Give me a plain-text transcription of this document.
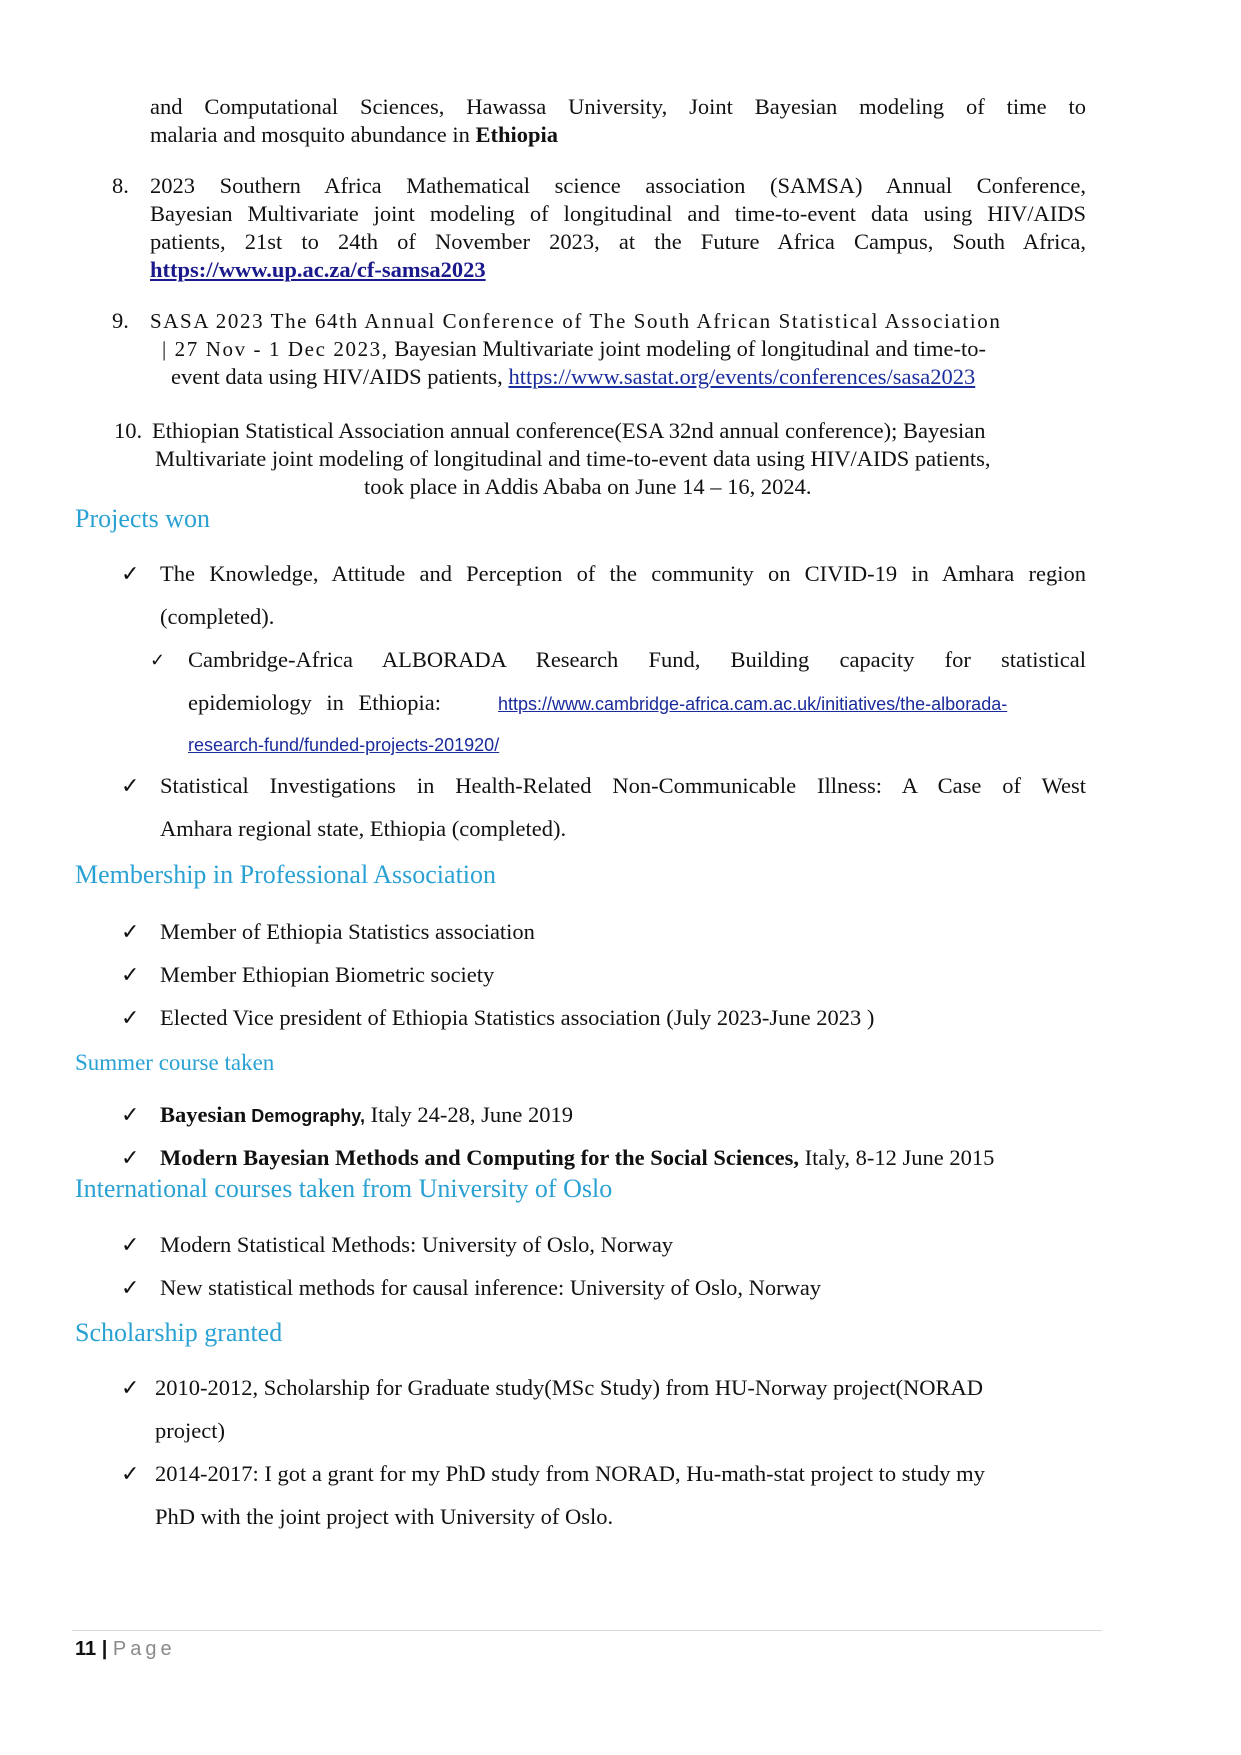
and Computational Sciences, Hawassa University, Joint Bayesian modeling of time to
malaria and mosquito abundance in Ethiopia
8. 2023 Southern Africa Mathematical science association (SAMSA) Annual Conference,
Bayesian Multivariate joint modeling of longitudinal and time-to-event data using HIV/AIDS
patients, 21st to 24th of November 2023, at the Future Africa Campus, South Africa,
https://www.up.ac.za/cf-samsa2023
9. SASA 2023 The 64th Annual Conference of The South African Statistical Association
| 27 Nov - 1 Dec 2023, Bayesian Multivariate joint modeling of longitudinal and time-to-
event data using HIV/AIDS patients, https://www.sastat.org/events/conferences/sasa2023
10. Ethiopian Statistical Association annual conference(ESA 32nd annual conference); Bayesian
Multivariate joint modeling of longitudinal and time-to-event data using HIV/AIDS patients,
took place in Addis Ababa on June 14 – 16, 2024.
Projects won
✓ The Knowledge, Attitude and Perception of the community on CIVID-19 in Amhara region
(completed).
✓ Cambridge-Africa ALBORADA Research Fund, Building capacity for statistical
epidemiology in Ethiopia:	https://www.cambridge-africa.cam.ac.uk/initiatives/the-alborada-
research-fund/funded-projects-201920/
✓ Statistical Investigations in Health-Related Non-Communicable Illness: A Case of West
Amhara regional state, Ethiopia (completed).
Membership in Professional Association
✓ Member of Ethiopia Statistics association
✓ Member Ethiopian Biometric society
✓ Elected Vice president of Ethiopia Statistics association (July 2023-June 2023 )
Summer course taken
✓ Bayesian Demography, Italy 24-28, June 2019
✓ Modern Bayesian Methods and Computing for the Social Sciences, Italy, 8-12 June 2015
International courses taken from University of Oslo
✓ Modern Statistical Methods: University of Oslo, Norway
✓ New statistical methods for causal inference: University of Oslo, Norway
Scholarship granted
✓ 2010-2012, Scholarship for Graduate study(MSc Study) from HU-Norway project(NORAD
project)
✓ 2014-2017: I got a grant for my PhD study from NORAD, Hu-math-stat project to study my
PhD with the joint project with University of Oslo.
11 | Page
